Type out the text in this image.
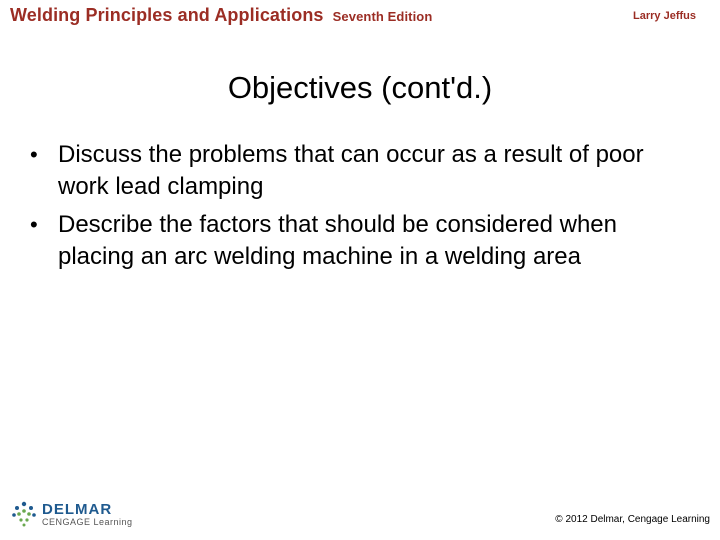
Welding Principles and Applications Seventh Edition	Larry Jeffus
Objectives (cont'd.)
• Discuss the problems that can occur as a result of poor work lead clamping
• Describe the factors that should be considered when placing an arc welding machine in a welding area
DELMAR
CENGAGE Learning	© 2012 Delmar, Cengage Learning
